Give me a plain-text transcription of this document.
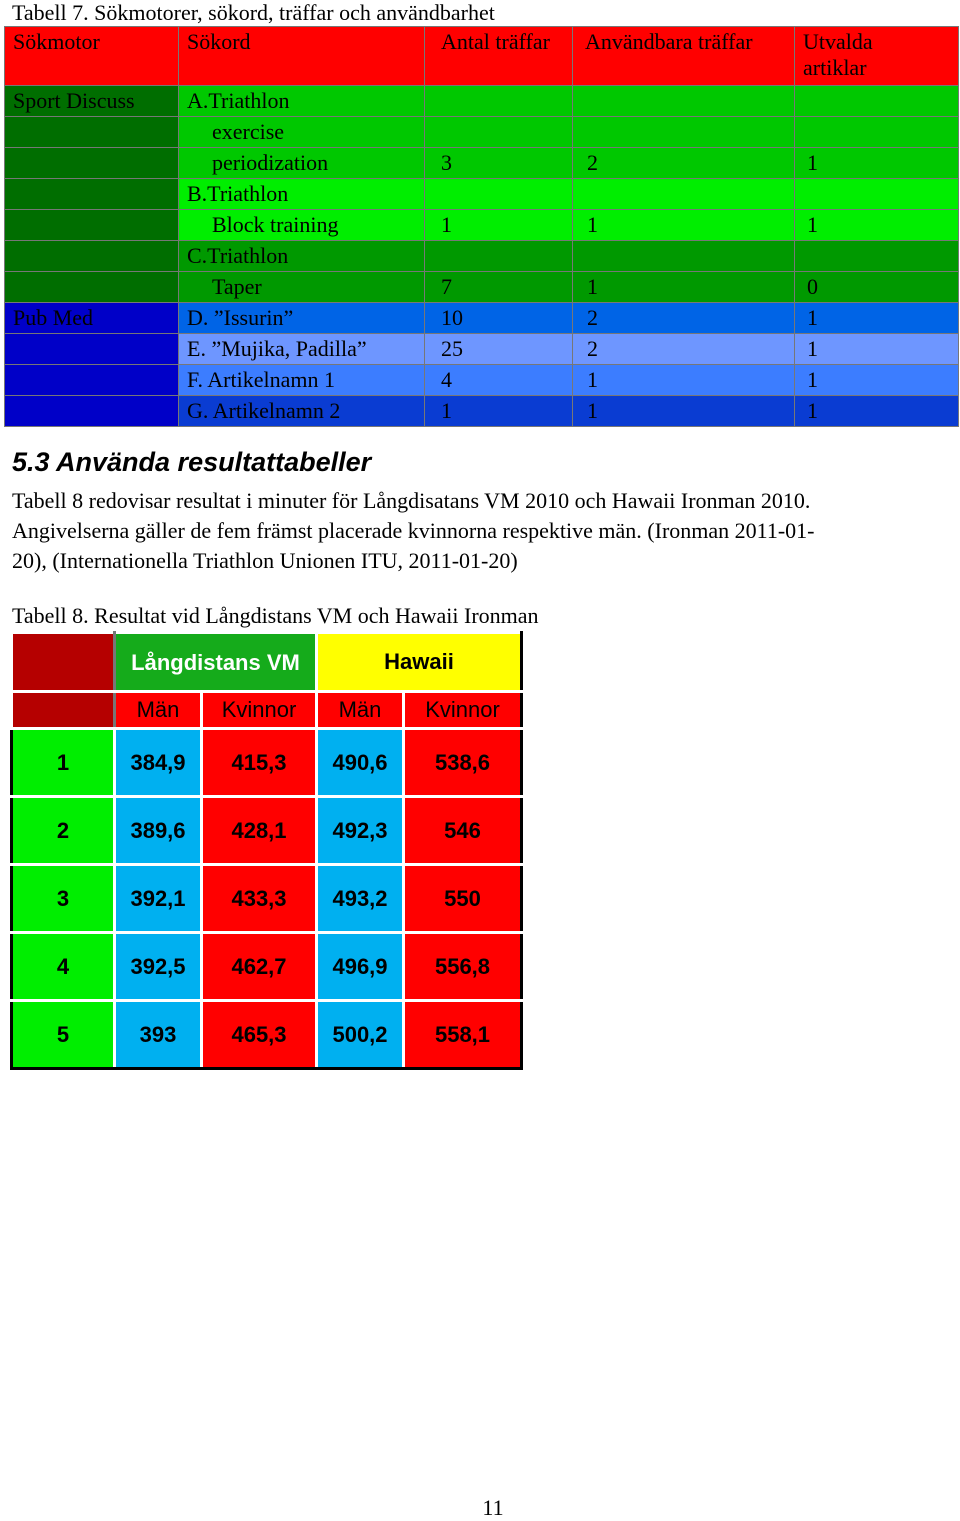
Tabell 7. Sökmotorer, sökord, träffar och användbarhet
Sökmotor	Sökord	Antal träffar	Användbara träffar	Utvalda
artiklar
Sport Discuss	A.Triathlon			
	exercise			
	periodization	3	2	1
	B.Triathlon			
	Block training	1	1	1
	C.Triathlon			
	Taper	7	1	0
Pub Med	D. ”Issurin”	10	2	1
	E. ”Mujika, Padilla”	25	2	1
	F. Artikelnamn 1	4	1	1
	G. Artikelnamn 2	1	1	1
5.3 Använda resultattabeller
Tabell 8 redovisar resultat i minuter för Långdisatans VM 2010 och Hawaii Ironman 2010.
Angivelserna gäller de fem främst placerade kvinnorna respektive män. (Ironman 2011-01-
20), (Internationella Triathlon Unionen ITU, 2011-01-20)
Tabell 8. Resultat vid Långdistans VM och Hawaii Ironman
	Långdistans VM		Hawaii	
	Män	Kvinnor	Män	Kvinnor
1	384,9	415,3	490,6	538,6
2	389,6	428,1	492,3	546
3	392,1	433,3	493,2	550
4	392,5	462,7	496,9	556,8
5	393	465,3	500,2	558,1
11
